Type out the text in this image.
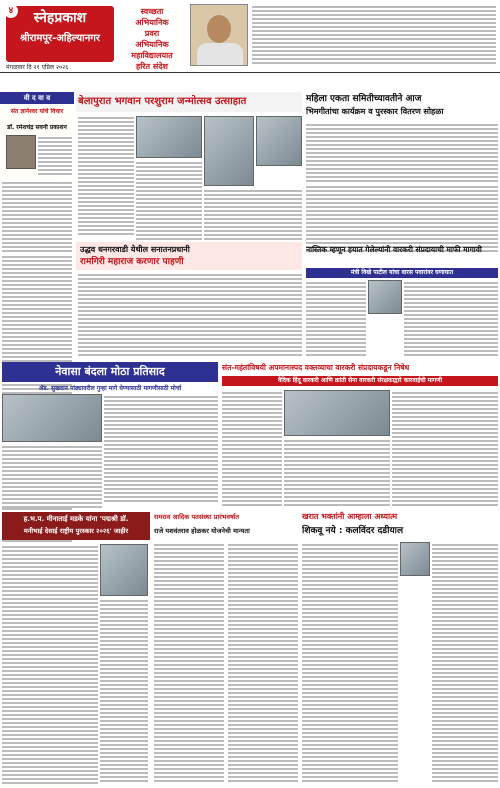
स्नेहप्रकाश
श्रीरामपूर-अहिल्यानगर
४
मंगळवार दि २१ एप्रिल २०२६
स्वच्छता
अभियानिक
प्रवरा
अभियानिक
महाविद्यालयात
हरित संदेश
वी द वा व
संत ज्ञानेश्वर यांचे विचार
डॉ. रमेशचंद्र सवनी प्रकाशन
बेलापुरात भगवान परशुराम जन्मोत्सव उत्साहात	महिला एकता समितीच्यावतीने आज
भिमगीतांचा कार्यक्रम व पुरस्कार वितरण सोहळा
उद्धव धनगरवाडी येथील सनातनप्रधानी
रामगिरी महाराज करणार पाहणी
नास्तिक म्हणून हयात गेलेल्यांनी वारकरी संप्रदायाची माफी मागावी
मंत्री विखे पाटील यांचा वारस पवारांवर घणाघात
नेवासा बंदला मोठा प्रतिसाद
ॲड. सुखदान पांढ्यावरील गुन्हा मागे घेण्यासाठी मागणीसाठी मोर्चा
संत-महंतांविषयी अपमानास्पद वक्तव्याचा वारकरी संप्रदायकडून निषेध
वैदिक हिंदू वारकरी आणि क्रांती सेना वारकरी संरक्षकाद्वारे कारवाईची मागणी
ह.भ.प. मीनाताई मडके यांना 'पद्मश्री डॉ.
मनीभाई देसाई राष्ट्रीय पुरस्कार २०२६' जाहीर
रामराव आदिक पतसंस्था प्रारंभवर्षात
राजे यशवंतराव होळकर योजनेची मान्यता
खरात भक्तांनी आम्हाला अध्यात्म
शिकवू नये : कलविंदर दडीयाल
